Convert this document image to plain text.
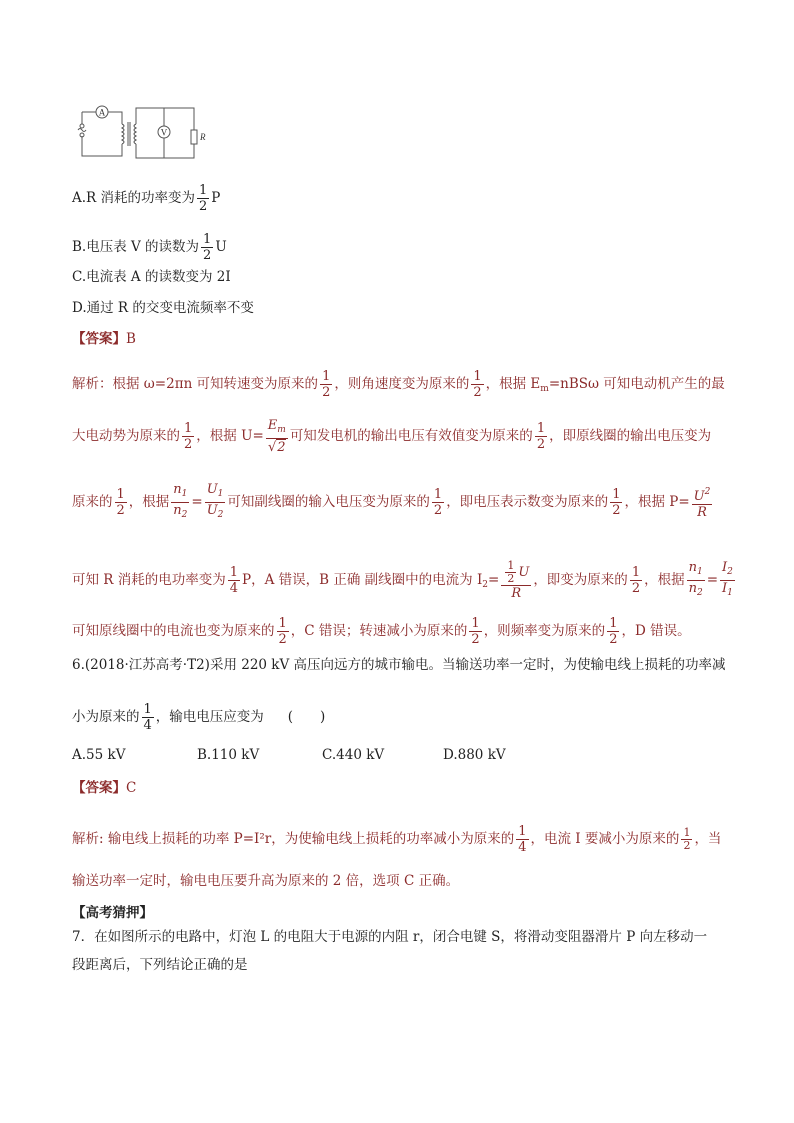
A
V	R
A.R 消耗的功率变为 $\frac{1}{2}$ P
B.电压表 V 的读数为 $\frac{1}{2}$ U
C.电流表 A 的读数变为 2I
D.通过 R 的交变电流频率不变
【答案】B
解析：根据 ω=2πn 可知转速变为原来的 $\frac{1}{2}$ ，则角速度变为原来的 $\frac{1}{2}$ ，根据 $E_m=nBS\omega$ 可知电动机产生的最
大电动势为原来的 $\frac{1}{2}$ ，根据 $U= \frac{E_m}{√2}$ 可知发电机的输出电压有效值变为原来的 $\frac{1}{2}$ ，即原线圈的输出电压变为
原来的 $\frac{1}{2}$ ，根据 $\frac{n_1}{n_2} = \frac{U_1}{U_2}$ 可知副线圈的输入电压变为原来的 $\frac{1}{2}$ ，即电压表示数变为原来的 $\frac{1}{2}$ ，根据 $P= \frac{U^2}{R}$
可知 R 消耗的电功率变为 $\frac{1}{4}$ P，A 错误，B 正确 副线圈中的电流为 $I_2= \frac{\frac{1}{2} U}{R}$ ，即变为原来的 $\frac{1}{2}$ ，根据 $\frac{n_1}{n_2} = \frac{I_2}{I_1}$
可知原线圈中的电流也变为原来的 $\frac{1}{2}$ ，C 错误；转速减小为原来的 $\frac{1}{2}$ ，则频率变为原来的 $\frac{1}{2}$ ，D 错误。
6.(2018·江苏高考·T2)采用 220 kV 高压向远方的城市输电。当输送功率一定时，为使输电线上损耗的功率减
小为原来的 $\frac{1}{4}$ ，输电电压应变为 (　　)
A.55 kV	B.110 kV	C.440 kV	D.880 kV
【答案】C
解析: 输电线上损耗的功率 P=I²r，为使输电线上损耗的功率减小为原来的 $\frac{1}{4}$ ，电流 I 要减小为原来的 $\frac{1}{2}$ ，当
输送功率一定时，输电电压要升高为原来的 2 倍，选项 C 正确。
【高考猜押】
7．在如图所示的电路中，灯泡 L 的电阻大于电源的内阻 r，闭合电键 S，将滑动变阻器滑片 P 向左移动一
段距离后，下列结论正确的是
